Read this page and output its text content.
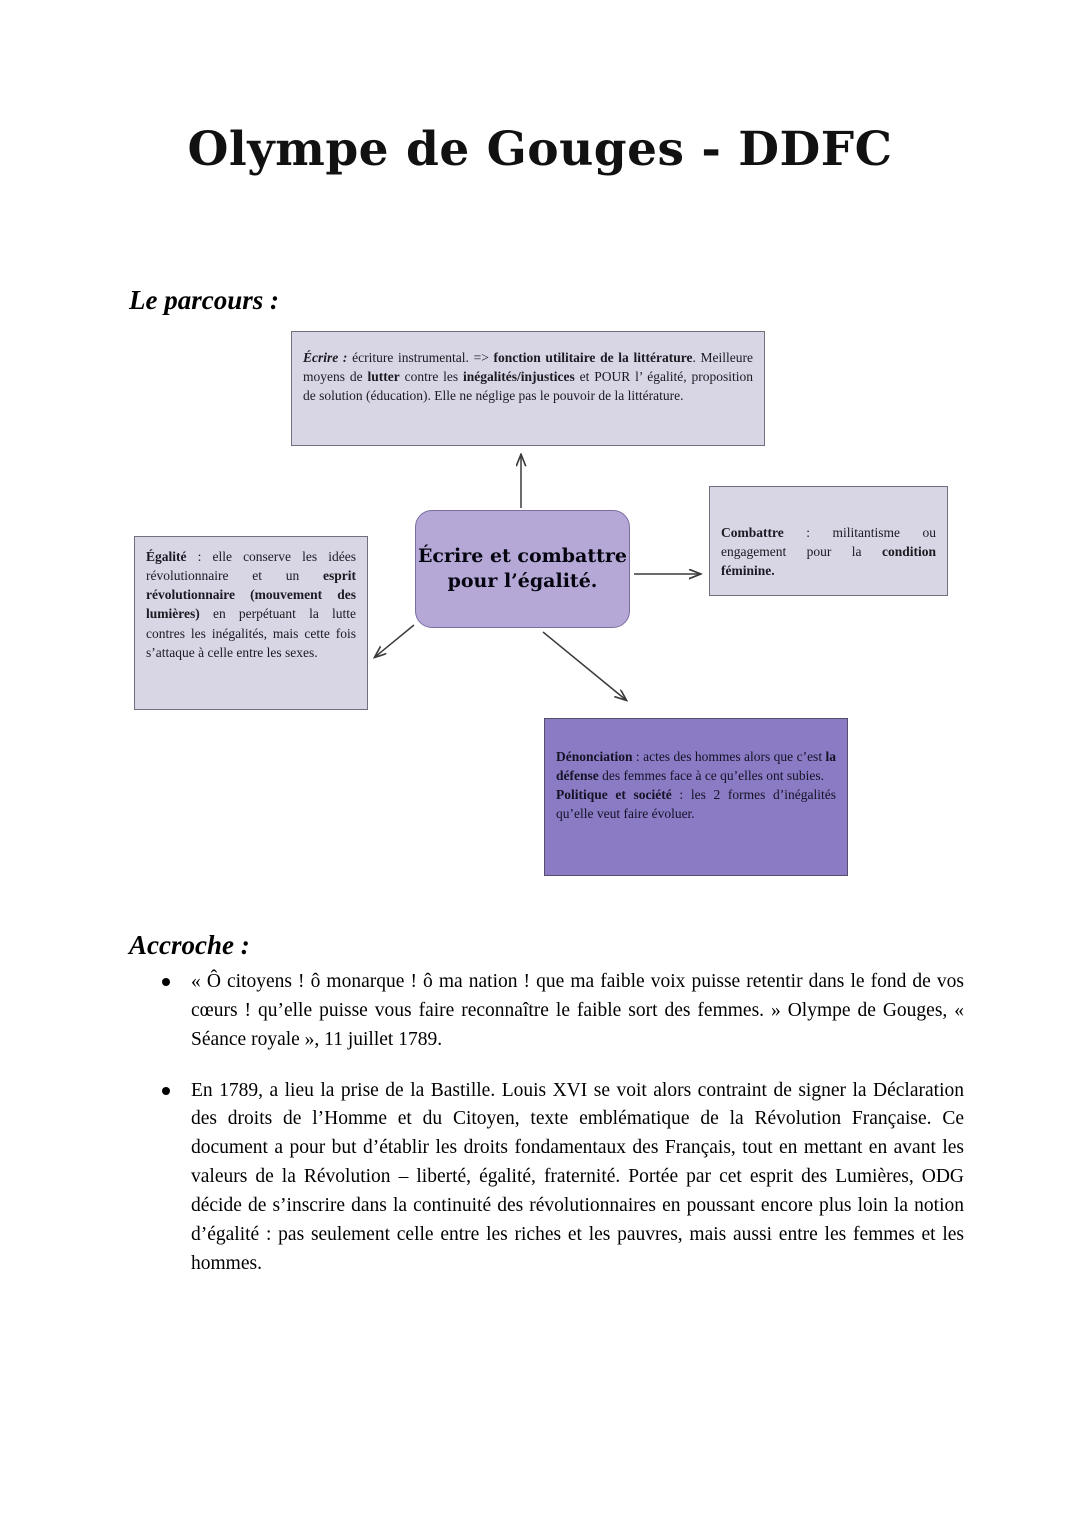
Olympe de Gouges - DDFC
Le parcours :
Écrire : écriture instrumental. => fonction utilitaire de la littérature. Meilleure moyens de lutter contre les inégalités/injustices et POUR l’ égalité, proposition de solution (éducation). Elle ne néglige pas le pouvoir de la littérature.
Égalité : elle conserve les idées révolutionnaire et un esprit révolutionnaire (mouvement des lumières) en perpétuant la lutte contres les inégalités, mais cette fois s’attaque à celle entre les sexes.
Combattre : militantisme ou engagement pour la condition féminine.
Dénonciation : actes des hommes alors que c’est la défense des femmes face à ce qu’elles ont subies.
Politique et société : les 2 formes d’inégalités qu’elle veut faire évoluer.
Écrire et combattre
pour l’égalité.
Accroche :
« Ô citoyens ! ô monarque ! ô ma nation ! que ma faible voix puisse retentir dans le fond de vos cœurs ! qu’elle puisse vous faire reconnaître le faible sort des femmes. » Olympe de Gouges, « Séance royale », 11 juillet 1789.
En 1789, a lieu la prise de la Bastille. Louis XVI se voit alors contraint de signer la Déclaration des droits de l’Homme et du Citoyen, texte emblématique de la Révolution Française. Ce document a pour but d’établir les droits fondamentaux des Français, tout en mettant en avant les valeurs de la Révolution – liberté, égalité, fraternité. Portée par cet esprit des Lumières, ODG décide de s’inscrire dans la continuité des révolutionnaires en poussant encore plus loin la notion d’égalité : pas seulement celle entre les riches et les pauvres, mais aussi entre les femmes et les hommes.
